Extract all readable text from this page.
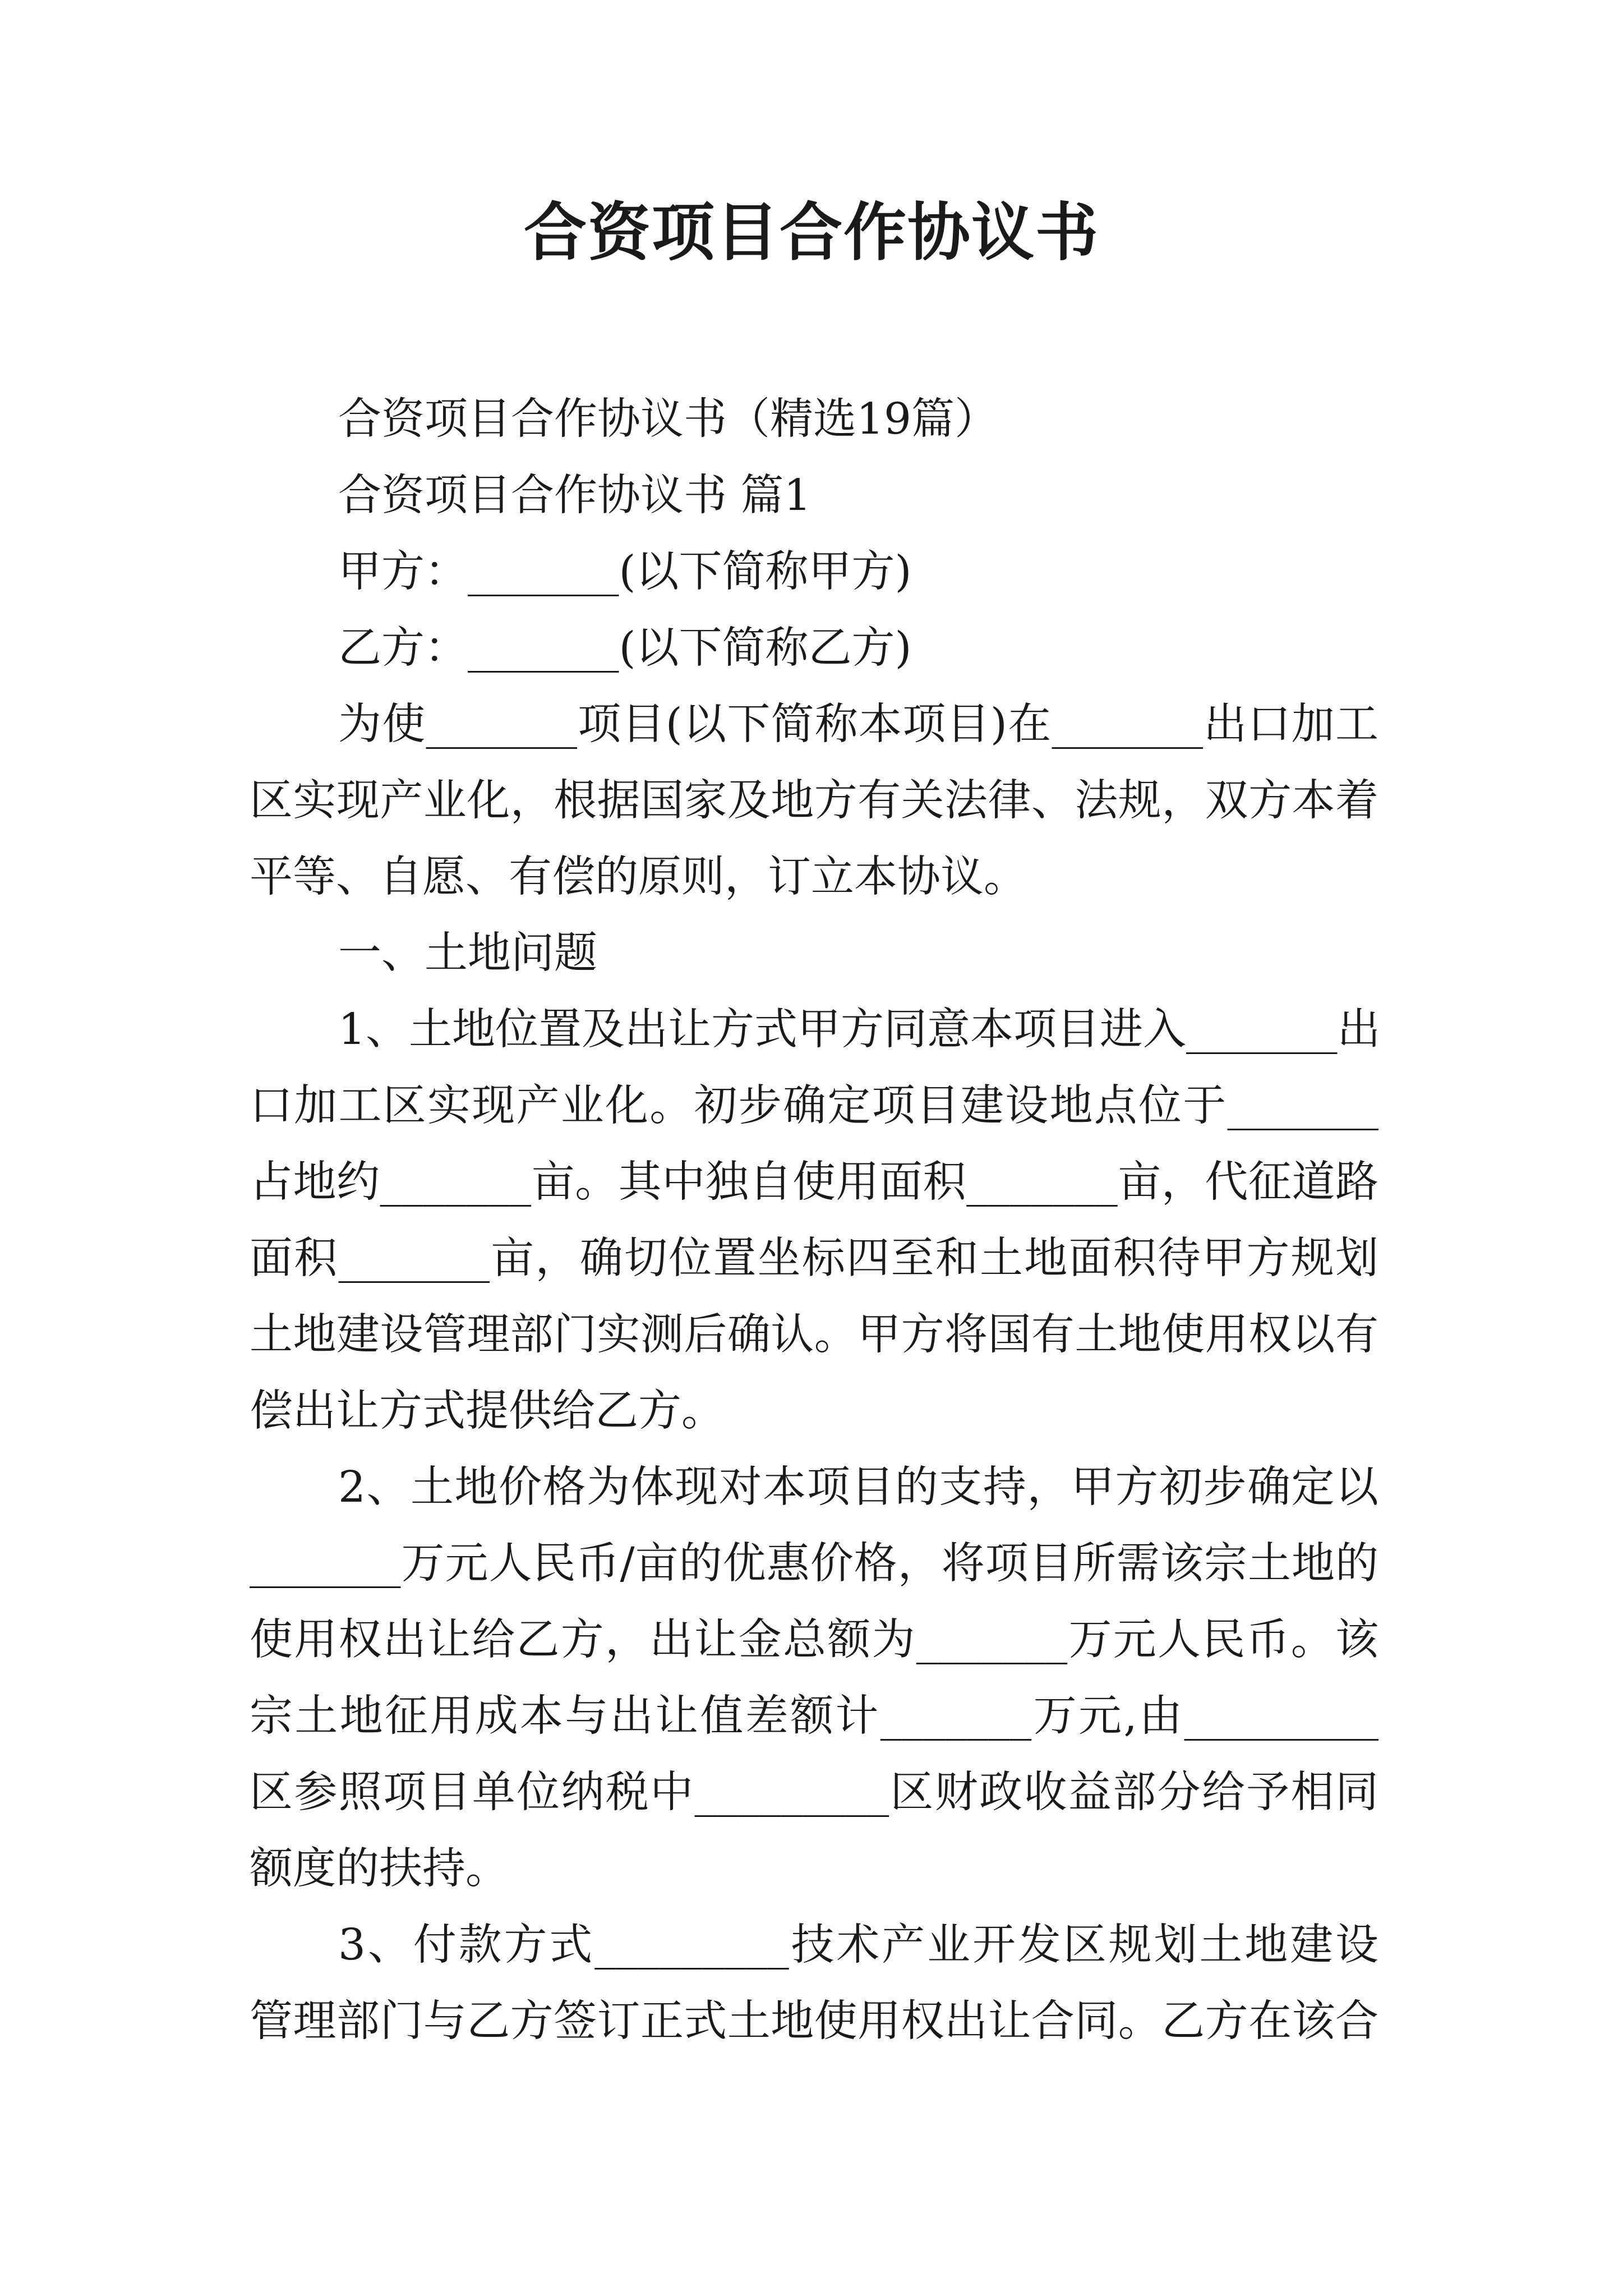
合资项目合作协议书
合资项目合作协议书（精选19篇）
合资项目合作协议书 篇1
甲方：_______(以下简称甲方)
乙方：_______(以下简称乙方)
为使_______项目(以下简称本项目)在_______出口加工
区实现产业化，根据国家及地方有关法律、法规，双方本着
平等、自愿、有偿的原则，订立本协议。
一、土地问题
1、土地位置及出让方式甲方同意本项目进入_______出
口加工区实现产业化。初步确定项目建设地点位于_______
占地约_______亩。其中独自使用面积_______亩，代征道路
面积_______亩，确切位置坐标四至和土地面积待甲方规划
土地建设管理部门实测后确认。甲方将国有土地使用权以有
偿出让方式提供给乙方。
2、土地价格为体现对本项目的支持，甲方初步确定以
_______万元人民币/亩的优惠价格，将项目所需该宗土地的
使用权出让给乙方，出让金总额为_______万元人民币。该
宗土地征用成本与出让值差额计_______万元,由_________
区参照项目单位纳税中_________区财政收益部分给予相同
额度的扶持。
3、付款方式_________技术产业开发区规划土地建设
管理部门与乙方签订正式土地使用权出让合同。乙方在该合
